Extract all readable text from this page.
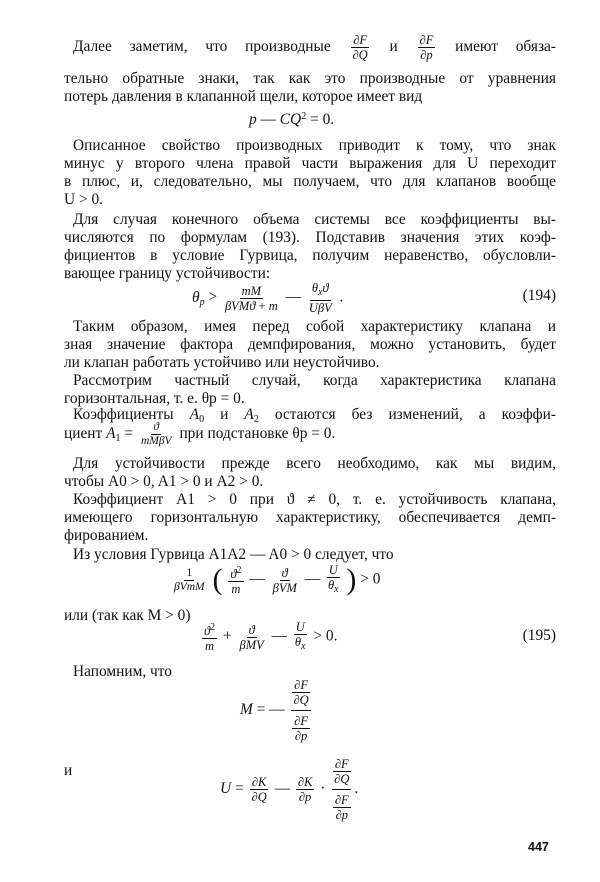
Далее заметим, что производные $\frac{\partial F}{\partial Q}$ и $\frac{\partial F}{\partial p}$ имеют обяза-
тельно обратные знаки, так как это производные от уравнения
потерь давления в клапанной щели, которое имеет вид
p — $CQ^2 = 0$.
Описанное свойство производных приводит к тому, что знак
минус у второго члена правой части выражения для U переходит
в плюс, и, следовательно, мы получаем, что для клапанов вообще
U > 0.
Для случая конечного объема системы все коэффициенты вы-
числяются по формулам (193). Подставив значения этих коэф-
фициентов в условие Гурвица, получим неравенство, обусловли-
вающее границу устойчивости:
$\theta_p > \frac{mM}{\text{βVMϑ + m}}$ — $\frac{\theta_xϑ}{\text{UβV}}$ .	(194)
Таким образом, имея перед собой характеристику клапана и
зная значение фактора демпфирования, можно установить, будет
ли клапан работать устойчиво или неустойчиво.
Рассмотрим частный случай, когда характеристика клапана
горизонтальная, т. е. θp = 0.
Коэффициенты $A_0$ и $A_2$ остаются без изменений, а коэффи-
циент $A_1 = \frac{ϑ}{\text{mMβV}}$ при подстановке θp = 0.
Для устойчивости прежде всего необходимо, как мы видим,
чтобы A0 > 0, A1 > 0 и A2 > 0.
Коэффициент A1 > 0 при ϑ ≠ 0, т. е. устойчивость клапана,
имеющего горизонтальную характеристику, обеспечивается демп-
фированием.
Из условия Гурвица A1A2 — A0 > 0 следует, что
$\frac{1}{\text{βVmM}}$ ( $\frac{ϑ^2}{m}$ — $\frac{ϑ}{\text{βVM}}$ — $\frac{U}{\theta_x}$ ) > 0
или (так как M > 0)
$\frac{ϑ^2}{m} + \frac{ϑ}{\text{βMV}}$ — $\frac{U}{\theta_x} > 0$.	(195)
Напомним, что
M = — ∂F
∂Q
∂F
∂p
и
$U = \frac{\partial K}{\partial Q}$ — $\frac{\partial K}{\partial p} \cdot \partial F$
∂Q
∂F
∂p .
447
